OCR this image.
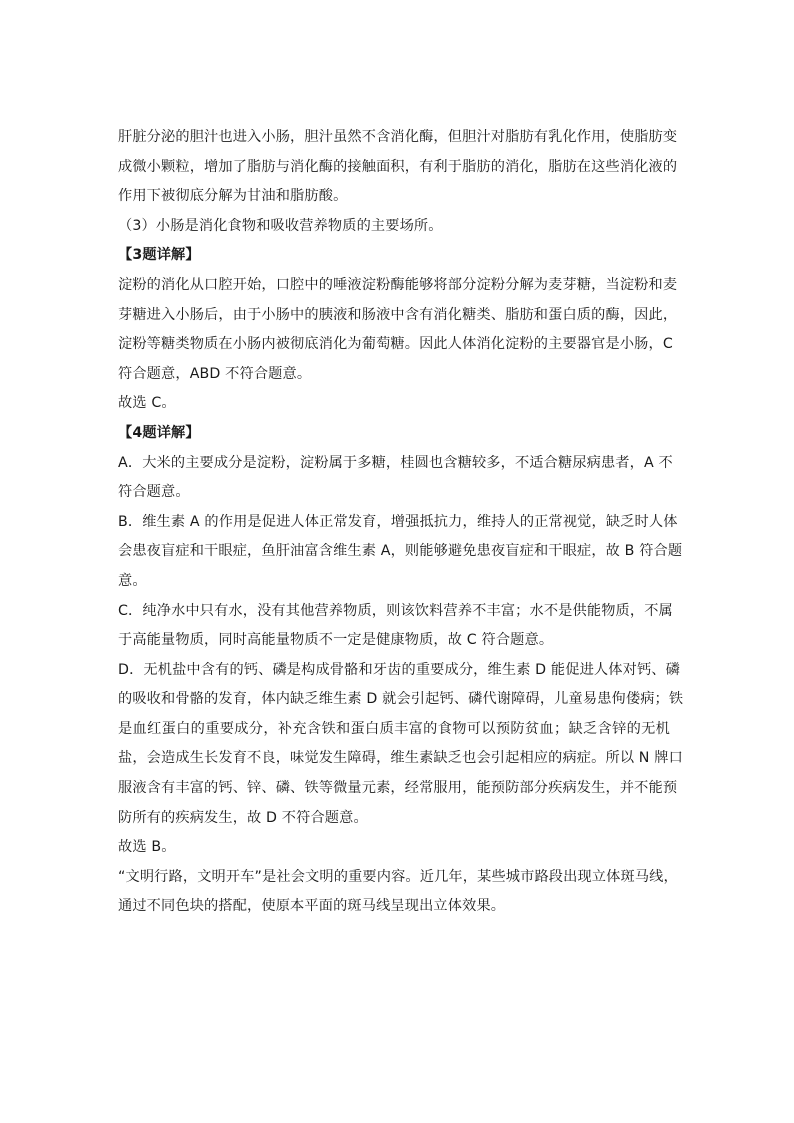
肝脏分泌的胆汁也进入小肠，胆汁虽然不含消化酶，但胆汁对脂肪有乳化作用，使脂肪变
成微小颗粒，增加了脂肪与消化酶的接触面积，有利于脂肪的消化，脂肪在这些消化液的
作用下被彻底分解为甘油和脂肪酸。
（3）小肠是消化食物和吸收营养物质的主要场所。
【3题详解】
淀粉的消化从口腔开始，口腔中的唾液淀粉酶能够将部分淀粉分解为麦芽糖，当淀粉和麦
芽糖进入小肠后，由于小肠中的胰液和肠液中含有消化糖类、脂肪和蛋白质的酶，因此，
淀粉等糖类物质在小肠内被彻底消化为葡萄糖。因此人体消化淀粉的主要器官是小肠，C
符合题意，ABD 不符合题意。
故选 C。
【4题详解】
A．大米的主要成分是淀粉，淀粉属于多糖，桂圆也含糖较多，不适合糖尿病患者，A 不
符合题意。
B．维生素 A 的作用是促进人体正常发育，增强抵抗力，维持人的正常视觉，缺乏时人体
会患夜盲症和干眼症，鱼肝油富含维生素 A，则能够避免患夜盲症和干眼症，故 B 符合题
意。
C．纯净水中只有水，没有其他营养物质，则该饮料营养不丰富；水不是供能物质，不属
于高能量物质，同时高能量物质不一定是健康物质，故 C 符合题意。
D．无机盐中含有的钙、磷是构成骨骼和牙齿的重要成分，维生素 D 能促进人体对钙、磷
的吸收和骨骼的发育，体内缺乏维生素 D 就会引起钙、磷代谢障碍，儿童易患佝偻病；铁
是血红蛋白的重要成分，补充含铁和蛋白质丰富的食物可以预防贫血；缺乏含锌的无机
盐，会造成生长发育不良，味觉发生障碍，维生素缺乏也会引起相应的病症。所以 N 牌口
服液含有丰富的钙、锌、磷、铁等微量元素，经常服用，能预防部分疾病发生，并不能预
防所有的疾病发生，故 D 不符合题意。
故选 B。
“文明行路，文明开车”是社会文明的重要内容。近几年，某些城市路段出现立体斑马线，
通过不同色块的搭配，使原本平面的斑马线呈现出立体效果。
